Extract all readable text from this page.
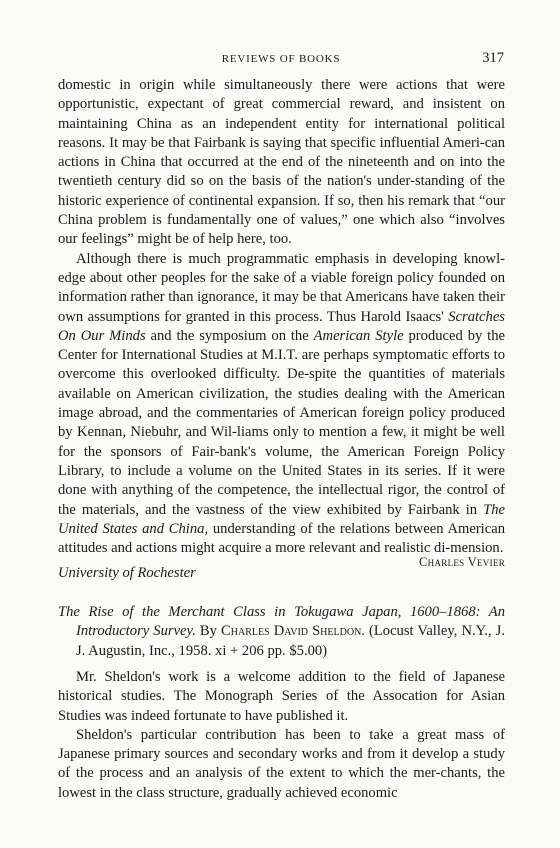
REVIEWS OF BOOKS	317

domestic in origin while simultaneously there were actions that were opportunistic, expectant of great commercial reward, and insistent on maintaining China as an independent entity for international political reasons. It may be that Fairbank is saying that specific influential Ameri-can actions in China that occurred at the end of the nineteenth and on into the twentieth century did so on the basis of the nation's under-standing of the historic experience of continental expansion. If so, then his remark that “our China problem is fundamentally one of values,” one which also “involves our feelings” might be of help here, too.

Although there is much programmatic emphasis in developing knowl-edge about other peoples for the sake of a viable foreign policy founded on information rather than ignorance, it may be that Americans have taken their own assumptions for granted in this process. Thus Harold Isaacs' Scratches On Our Minds and the symposium on the American Style produced by the Center for International Studies at M.I.T. are perhaps symptomatic efforts to overcome this overlooked difficulty. De-spite the quantities of materials available on American civilization, the studies dealing with the American image abroad, and the commentaries of American foreign policy produced by Kennan, Niebuhr, and Wil-liams only to mention a few, it might be well for the sponsors of Fair-bank's volume, the American Foreign Policy Library, to include a volume on the United States in its series. If it were done with anything of the competence, the intellectual rigor, the control of the materials, and the vastness of the view exhibited by Fairbank in The United States and China, understanding of the relations between American attitudes and actions might acquire a more relevant and realistic di-mension.

University of Rochester
Charles Vevier
The Rise of the Merchant Class in Tokugawa Japan, 1600–1868: An Introductory Survey. By Charles David Sheldon. (Locust Valley, N.Y., J. J. Augustin, Inc., 1958. xi + 206 pp. $5.00)

Mr. Sheldon's work is a welcome addition to the field of Japanese historical studies. The Monograph Series of the Assocation for Asian Studies was indeed fortunate to have published it.

Sheldon's particular contribution has been to take a great mass of Japanese primary sources and secondary works and from it develop a study of the process and an analysis of the extent to which the mer-chants, the lowest in the class structure, gradually achieved economic
